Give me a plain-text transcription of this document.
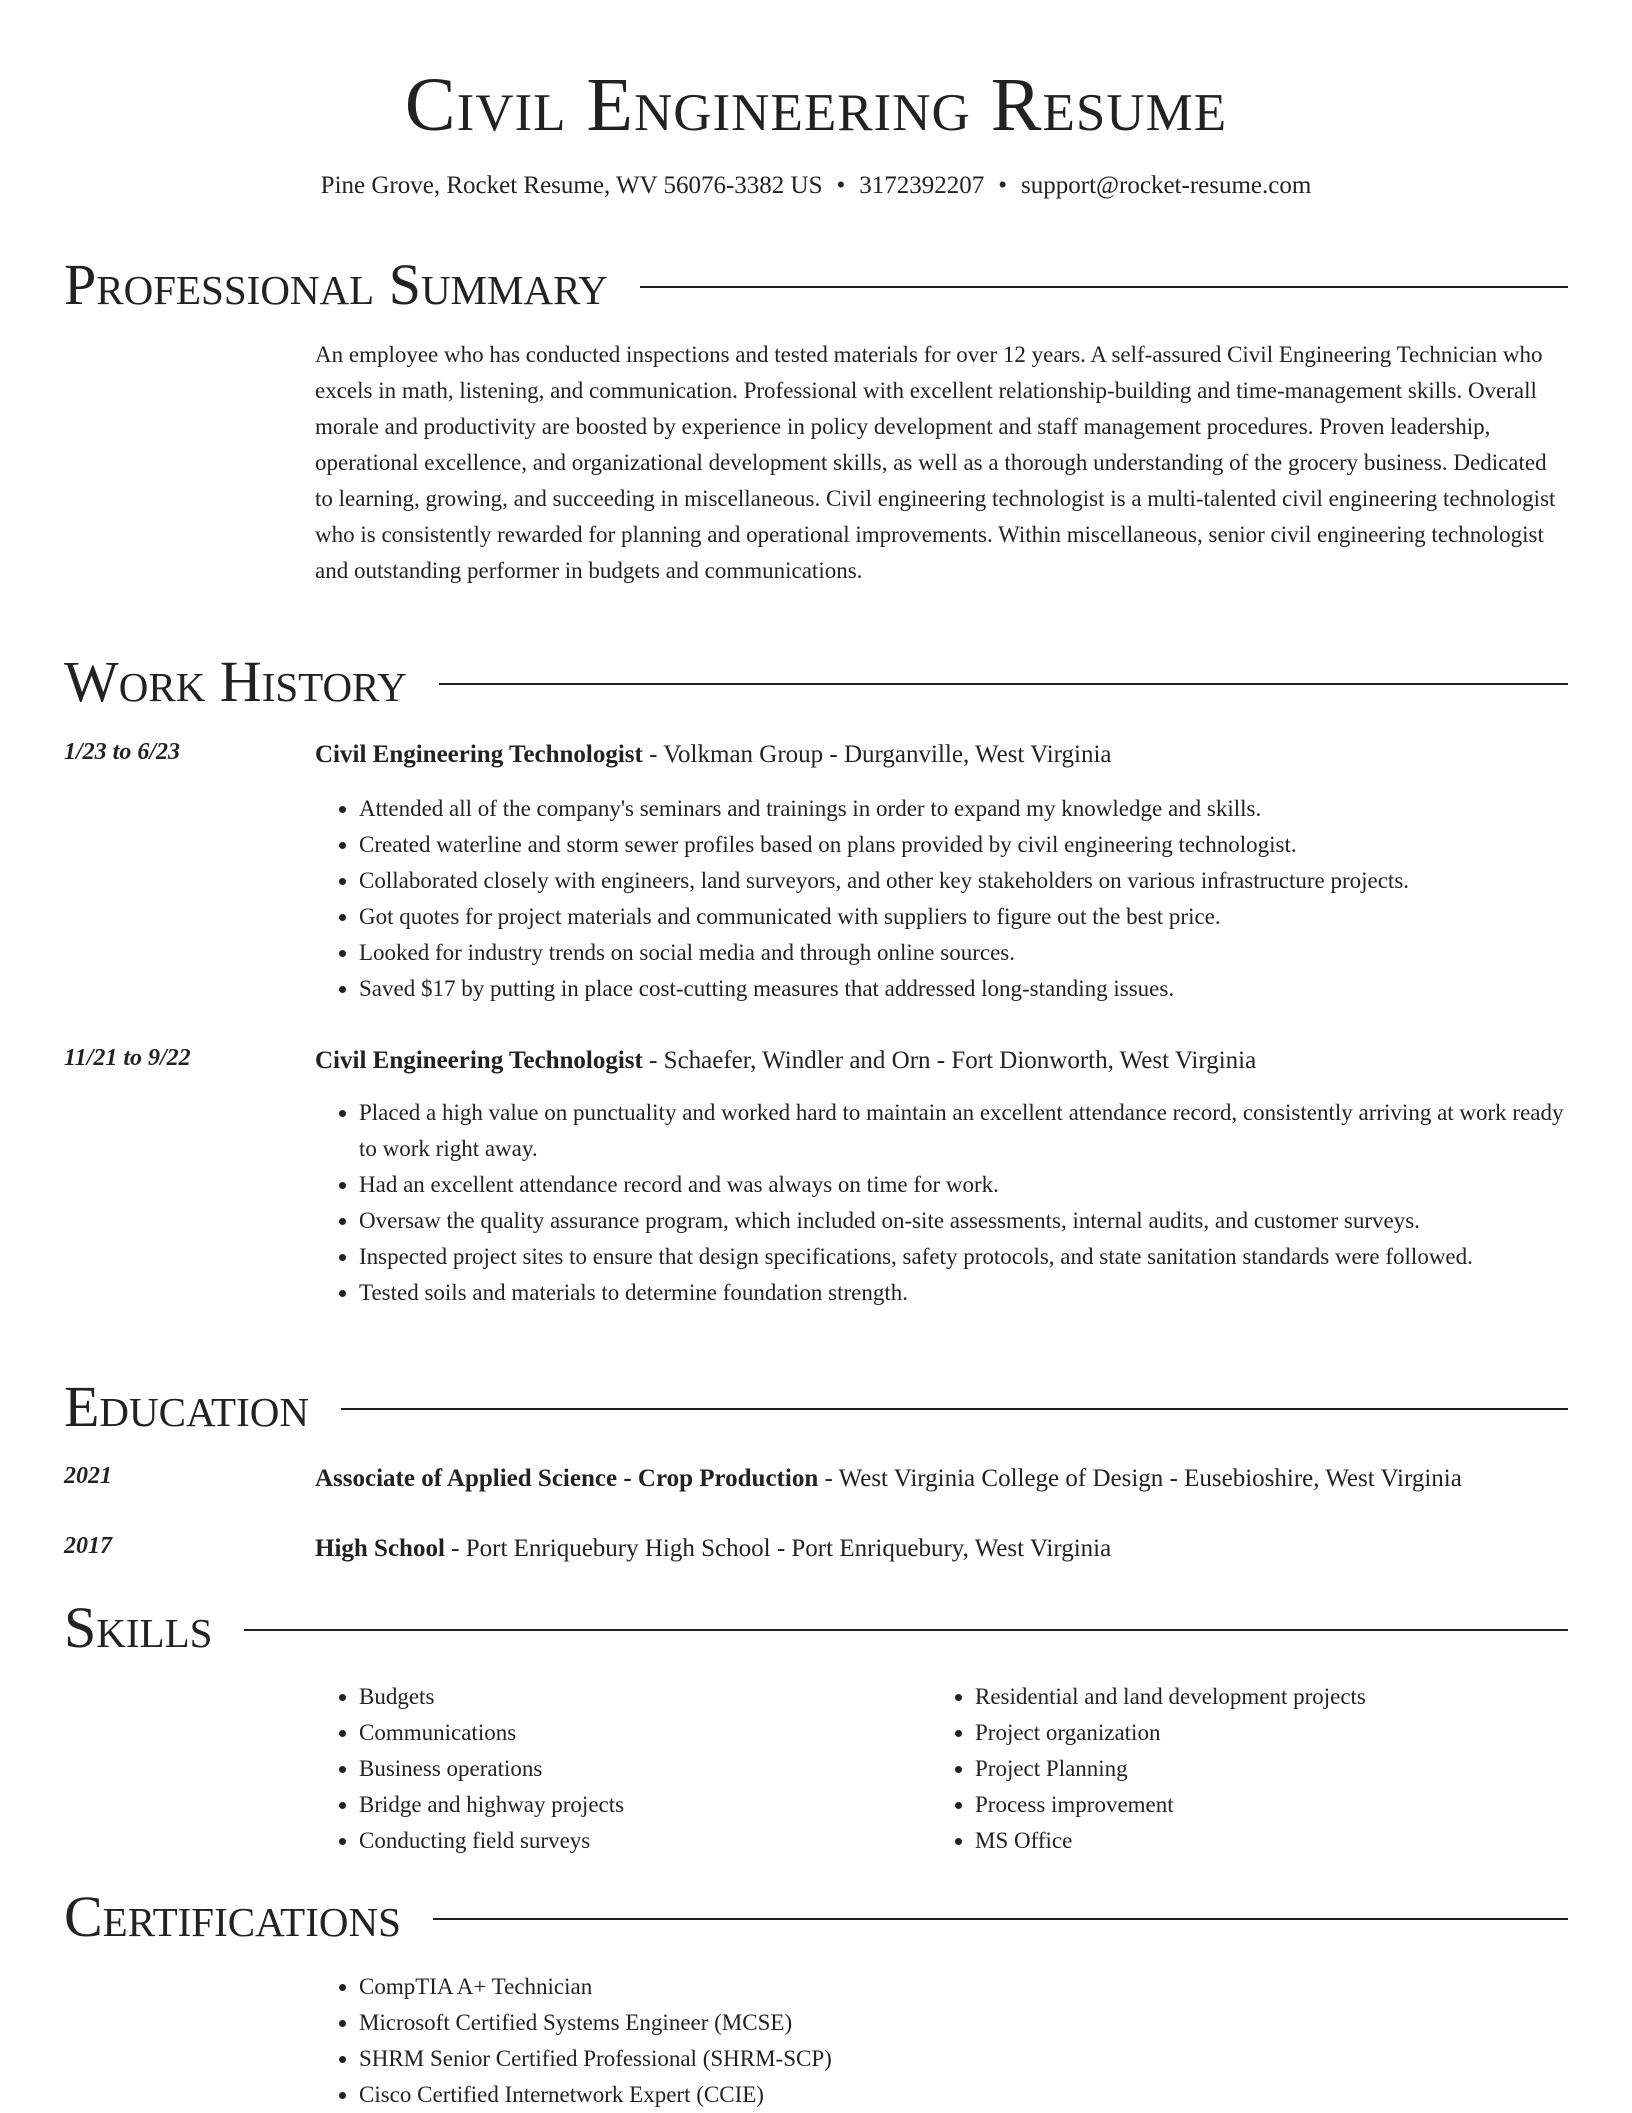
Civil Engineering Resume
Pine Grove, Rocket Resume, WV 56076-3382 US • 3172392207 • support@rocket-resume.com
Professional Summary
An employee who has conducted inspections and tested materials for over 12 years. A self-assured Civil Engineering Technician who excels in math, listening, and communication. Professional with excellent relationship-building and time-management skills. Overall morale and productivity are boosted by experience in policy development and staff management procedures. Proven leadership, operational excellence, and organizational development skills, as well as a thorough understanding of the grocery business. Dedicated to learning, growing, and succeeding in miscellaneous. Civil engineering technologist is a multi-talented civil engineering technologist who is consistently rewarded for planning and operational improvements. Within miscellaneous, senior civil engineering technologist and outstanding performer in budgets and communications.
Work History
1/23 to 6/23	Civil Engineering Technologist - Volkman Group - Durganville, West Virginia
• Attended all of the company's seminars and trainings in order to expand my knowledge and skills.
• Created waterline and storm sewer profiles based on plans provided by civil engineering technologist.
• Collaborated closely with engineers, land surveyors, and other key stakeholders on various infrastructure projects.
• Got quotes for project materials and communicated with suppliers to figure out the best price.
• Looked for industry trends on social media and through online sources.
• Saved $17 by putting in place cost-cutting measures that addressed long-standing issues.
11/21 to 9/22	Civil Engineering Technologist - Schaefer, Windler and Orn - Fort Dionworth, West Virginia
• Placed a high value on punctuality and worked hard to maintain an excellent attendance record, consistently arriving at work ready to work right away.
• Had an excellent attendance record and was always on time for work.
• Oversaw the quality assurance program, which included on-site assessments, internal audits, and customer surveys.
• Inspected project sites to ensure that design specifications, safety protocols, and state sanitation standards were followed.
• Tested soils and materials to determine foundation strength.
Education
2021	Associate of Applied Science - Crop Production - West Virginia College of Design - Eusebioshire, West Virginia
2017	High School - Port Enriquebury High School - Port Enriquebury, West Virginia
Skills
• Budgets
• Communications
• Business operations
• Bridge and highway projects
• Conducting field surveys
• Residential and land development projects
• Project organization
• Project Planning
• Process improvement
• MS Office
Certifications
• CompTIA A+ Technician
• Microsoft Certified Systems Engineer (MCSE)
• SHRM Senior Certified Professional (SHRM-SCP)
• Cisco Certified Internetwork Expert (CCIE)
